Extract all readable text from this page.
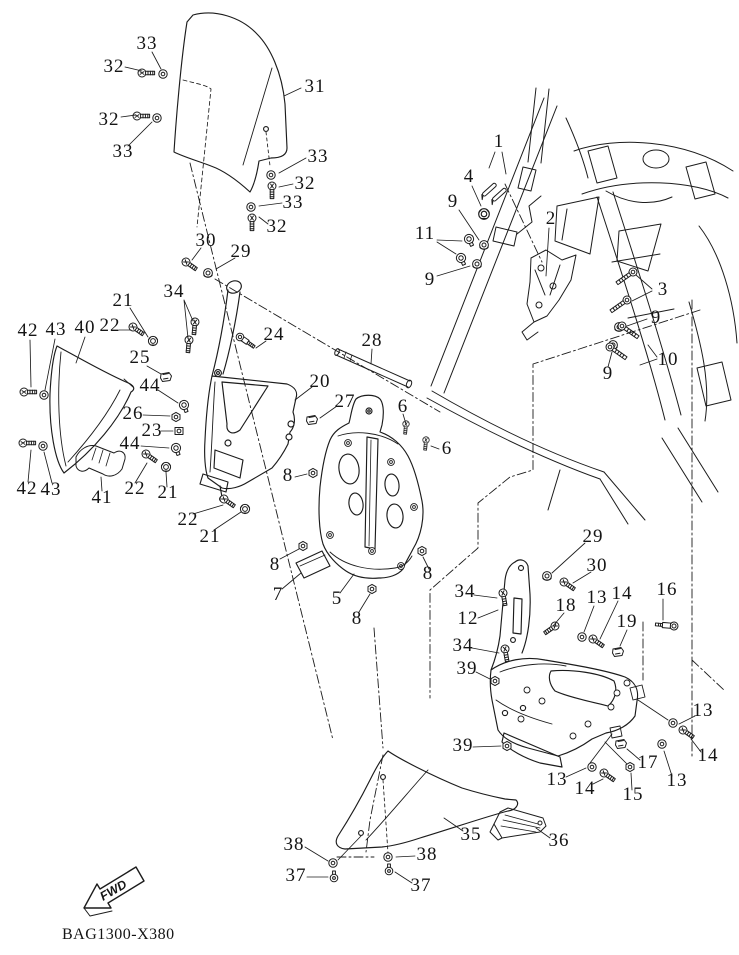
FWD
33
32
31
32
33	33
32
33
32
30
29
1
4
9
2
11
9	3
9
10
9
21 34
42 43 40 22	24
25
44
26
23
44
42 43 41 22 21
22
21
28
20
27 6
6
8
8
7	5
8
8
29
30
34
12
18 13 14 16
19
34
39
13
14
39
17
13
13 14 15
35	36
38
37
38
37
BAG1300-X380
